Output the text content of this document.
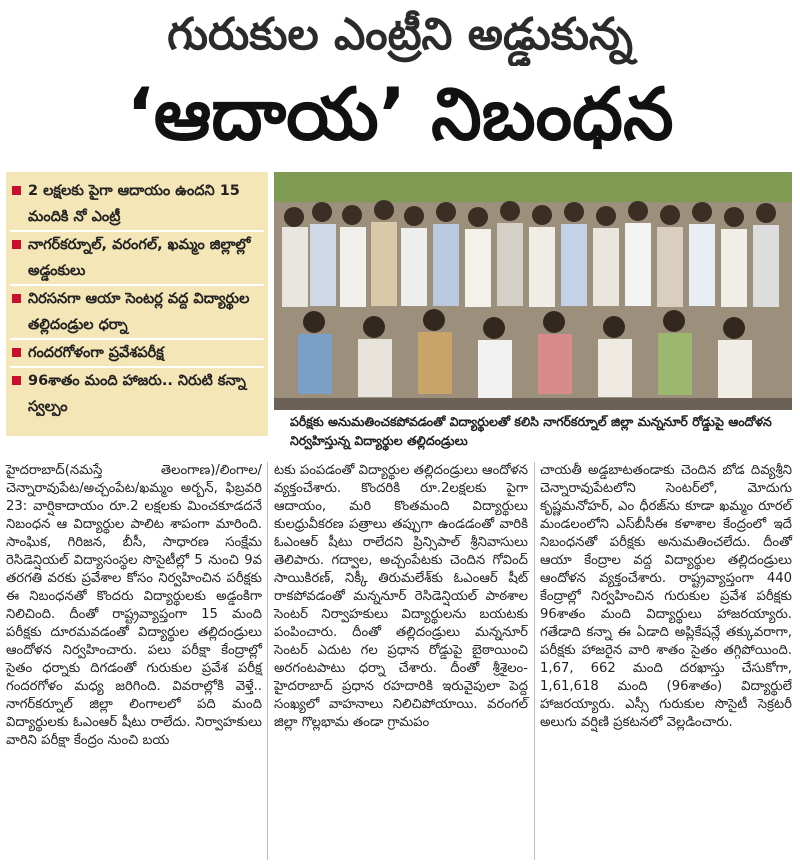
గురుకుల ఎంట్రీని అడ్డుకున్న
‘ఆదాయ’ నిబంధన
2 లక్షలకు పైగా ఆదాయం ఉందని 15 మందికి నో ఎంట్రీ
నాగర్‌కర్నూల్, వరంగల్, ఖమ్మం జిల్లాల్లో అడ్డంకులు
నిరసనగా ఆయా సెంటర్ల వద్ద విద్యార్థుల తల్లిదండ్రుల ధర్నా
గందరగోళంగా ప్రవేశపరీక్ష
96శాతం మంది హాజరు.. నిరుటి కన్నా స్వల్పం
పరీక్షకు అనుమతించకపోవడంతో విద్యార్థులతో కలిసి నాగర్‌కర్నూల్ జిల్లా మన్ననూర్ రోడ్డుపై ఆందోళన నిర్వహిస్తున్న విద్యార్థుల తల్లిదండ్రులు
హైదరాబాద్(నమస్తే తెలంగాణ)/లింగాల/చెన్నారావుపేట/అచ్చంపేట/ఖమ్మం అర్బన్, ఫిబ్రవరి 23: వార్షికాదాయం రూ.2 లక్షలకు మించకూడదనే నిబంధన ఆ విద్యార్థుల పాలిట శాపంగా మారింది. సాంఘిక, గిరిజన, బీసీ, సాధారణ సంక్షేమ రెసిడెన్షియల్ విద్యాసంస్థల సొసైటీల్లో 5 నుంచి 9వ తరగతి వరకు ప్రవేశాల కోసం నిర్వహించిన పరీక్షకు ఈ నిబంధనతో కొందరు విద్యార్థులకు అడ్డంకిగా నిలిచింది. దీంతో రాష్ట్రవ్యాప్తంగా 15 మంది పరీక్షకు దూరమవడంతో విద్యార్థుల తల్లిదండ్రులు ఆందోళన నిర్వహించారు. పలు పరీక్షా కేంద్రాల్లో సైతం ధర్నాకు దిగడంతో గురుకుల ప్రవేశ పరీక్ష గందరగోళం మధ్య జరిగింది. వివరాల్లోకి వెళ్తే.. నాగర్‌కర్నూల్ జిల్లా లింగాలలో పది మంది విద్యార్థులకు ఓఎంఆర్ షీటు రాలేదు. నిర్వాహకులు వారిని పరీక్షా కేంద్రం నుంచి బయ
టకు పంపడంతో విద్యార్థుల తల్లిదండ్రులు ఆందోళన వ్యక్తంచేశారు. కొందరికి రూ.2లక్షలకు పైగా ఆదాయం, మరి కొంతమంది విద్యార్థులు కులధ్రువీకరణ పత్రాలు తప్పుగా ఉండడంతో వారికి ఓఎంఆర్ షీటు రాలేదని ప్రిన్సిపాల్ శ్రీనివాసులు తెలిపారు. గద్వాల, అచ్చంపేటకు చెందిన గోవింద్ సాయికిరణ్, నిక్కీ తిరుమలేశ్‌కు ఓఎంఆర్ షీట్ రాకపోవడంతో మన్ననూర్ రెసిడెన్షియల్ పాఠశాల సెంటర్ నిర్వాహకులు విద్యార్థులను బయటకు పంపించారు. దీంతో తల్లిదండ్రులు మన్ననూర్ సెంటర్ ఎదుట గల ప్రధాన రోడ్డుపై బైఠాయించి అరగంటపాటు ధర్నా చేశారు. దీంతో శ్రీశైలం- హైదరాబాద్ ప్రధాన రహదారికి ఇరువైపులా పెద్ద సంఖ్యలో వాహనాలు నిలిచిపోయాయి. వరంగల్ జిల్లా గొల్లభామ తండా గ్రామపం
చాయతీ అడ్డబాటతండాకు చెందిన బోడ దివ్యశ్రీని చెన్నారావుపేటలోని సెంటర్‌లో, మోదుగు కృష్ణమనోహర్, ఎం ధీరజ్‌ను కూడా ఖమ్మం రూరల్ మండలంలోని ఎస్‌బీసీఈ కళాశాల కేంద్రంలో ఇదే నిబంధనతో పరీక్షకు అనుమతించలేదు. దీంతో ఆయా కేంద్రాల వద్ద విద్యార్థుల తల్లిదండ్రులు ఆందోళన వ్యక్తంచేశారు. రాష్ట్రవ్యాప్తంగా 440 కేంద్రాల్లో నిర్వహించిన గురుకుల ప్రవేశ పరీక్షకు 96శాతం మంది విద్యార్థులు హాజరయ్యారు. గతేడాది కన్నా ఈ ఏడాది అప్లికేషన్లే తక్కువరాగా, పరీక్షకు హాజరైన వారి శాతం సైతం తగ్గిపోయింది. 1,67, 662 మంది దరఖాస్తు చేసుకోగా, 1,61,618 మంది (96శాతం) విద్యార్థులే హాజరయ్యారు. ఎస్సీ గురుకుల సొసైటీ సెక్రటరీ అలుగు వర్షిణి ప్రకటనలో వెల్లడించారు.
